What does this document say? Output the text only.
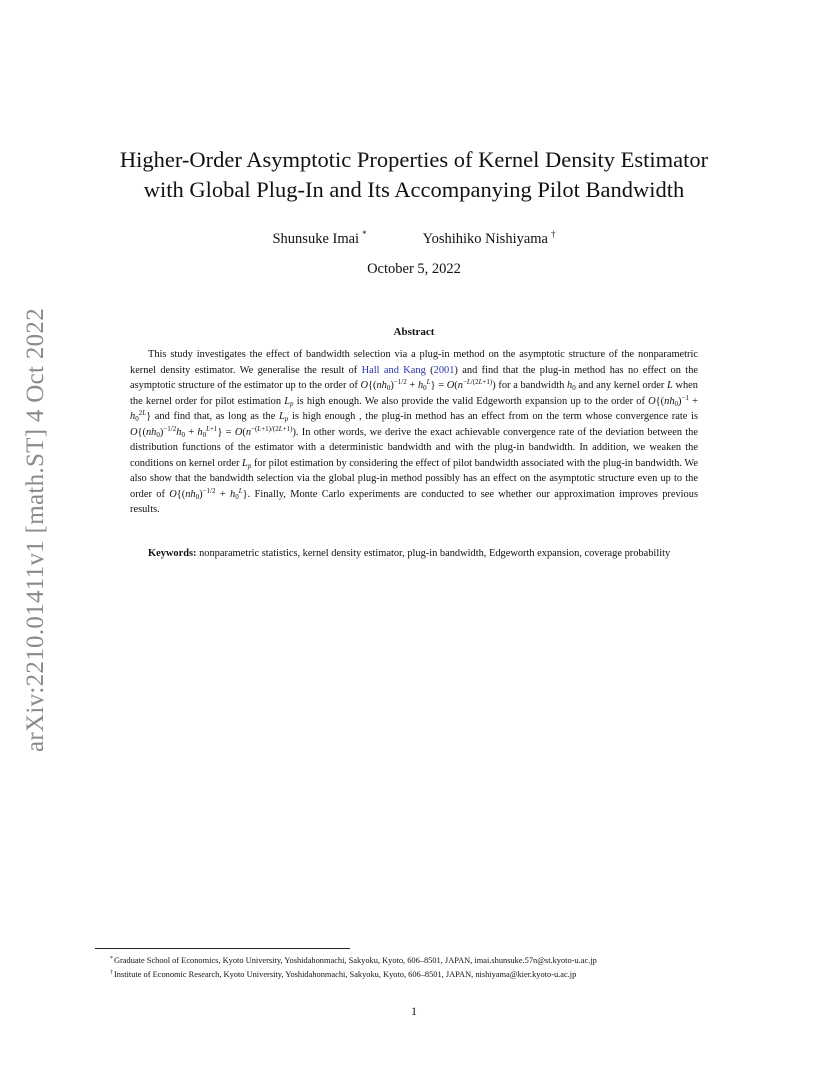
arXiv:2210.01411v1 [math.ST] 4 Oct 2022
Higher-Order Asymptotic Properties of Kernel Density Estimator
with Global Plug-In and Its Accompanying Pilot Bandwidth
Shunsuke Imai *	Yoshihiko Nishiyama †
October 5, 2022
Abstract

This study investigates the effect of bandwidth selection via a plug-in method on the asymptotic structure of the nonparametric kernel density estimator. We generalise the result of Hall and Kang (2001) and find that the plug-in method has no effect on the asymptotic structure of the estimator up to the order of $O\{(nh_0)^{-1/2} + h_0^L\} = O(n^{-L/(2L+1)})$ for a bandwidth $h_0$ and any kernel order L when the kernel order for pilot estimation $L_p$ is high enough. We also provide the valid Edgeworth expansion up to the order of $O\{(nh_0)^{-1} + h_0^{2L}\}$ and find that, as long as the $L_p$ is high enough , the plug-in method has an effect from on the term whose convergence rate is $O\{(nh_0)^{-1/2}h_0 + h_0^{L+1}\} = O(n^{-(L+1)/(2L+1)})$. In other words, we derive the exact achievable convergence rate of the deviation between the distribution functions of the estimator with a deterministic bandwidth and with the plug-in bandwidth. In addition, we weaken the conditions on kernel order $L_p$ for pilot estimation by considering the effect of pilot bandwidth associated with the plug-in bandwidth. We also show that the bandwidth selection via the global plug-in method possibly has an effect on the asymptotic structure even up to the order of $O\{(nh_0)^{-1/2} + h_0^L\}$. Finally, Monte Carlo experiments are conducted to see whether our approximation improves previous results.

Keywords: nonparametric statistics, kernel density estimator, plug-in bandwidth, Edgeworth expansion, coverage probability

*Graduate School of Economics, Kyoto University, Yoshidahonmachi, Sakyoku, Kyoto, 606–8501, JAPAN, imai.shunsuke.57n@st.kyoto-u.ac.jp
†Institute of Economic Research, Kyoto University, Yoshidahonmachi, Sakyoku, Kyoto, 606–8501, JAPAN, nishiyama@kier.kyoto-u.ac.jp
1
